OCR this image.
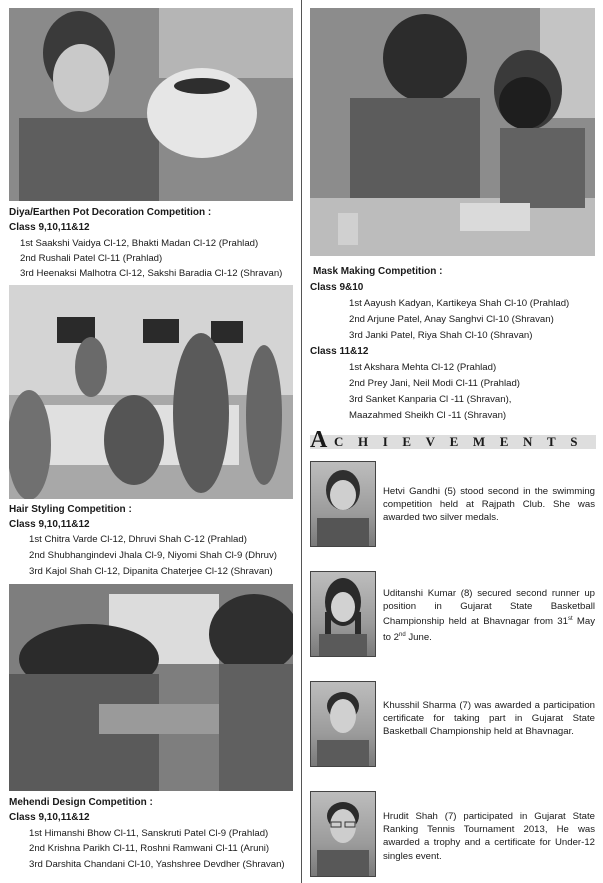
Diya/Earthen Pot Decoration Competition :
Class 9,10,11&12
1st Saakshi Vaidya Cl-12, Bhakti Madan Cl-12 (Prahlad)
2nd Rushali Patel Cl-11 (Prahlad)
3rd Heenaksi Malhotra Cl-12, Sakshi Baradia Cl-12 (Shravan)
Hair Styling Competition :
Class 9,10,11&12
1st Chitra Varde Cl-12, Dhruvi Shah C-12 (Prahlad)
2nd Shubhangindevi Jhala Cl-9, Niyomi Shah Cl-9 (Dhruv)
3rd Kajol Shah Cl-12, Dipanita Chaterjee Cl-12 (Shravan)
Mehendi Design Competition :
Class 9,10,11&12
1st Himanshi Bhow Cl-11, Sanskruti Patel Cl-9 (Prahlad)
2nd Krishna Parikh Cl-11, Roshni Ramwani Cl-11 (Aruni)
3rd Darshita Chandani Cl-10, Yashshree Devdher (Shravan)
Mask Making Competition :
Class 9&10
1st Aayush Kadyan, Kartikeya Shah Cl-10 (Prahlad)
2nd Arjune Patel, Anay Sanghvi Cl-10 (Shravan)
3rd Janki Patel, Riya Shah Cl-10 (Shravan)
Class 11&12
1st Akshara Mehta Cl-12 (Prahlad)
2nd Prey Jani, Neil Modi Cl-11 (Prahlad)
3rd Sanket Kanparia Cl -11 (Shravan),
Maazahmed Sheikh Cl -11 (Shravan)
A CHIEVEMENTS

Hetvi Gandhi (5) stood second in the swimming competition held at Rajpath Club. She was awarded two silver medals.

Uditanshi Kumar (8) secured second runner up position in Gujarat State Basketball Championship held at Bhavnagar from 31st May to 2nd June.

Khusshil Sharma (7) was awarded a participation certificate for taking part in Gujarat State Basketball Championship held at Bhavnagar.

Hrudit Shah (7) participated in Gujarat State Ranking Tennis Tournament 2013, He was awarded a trophy and a certificate for Under-12 singles event.
